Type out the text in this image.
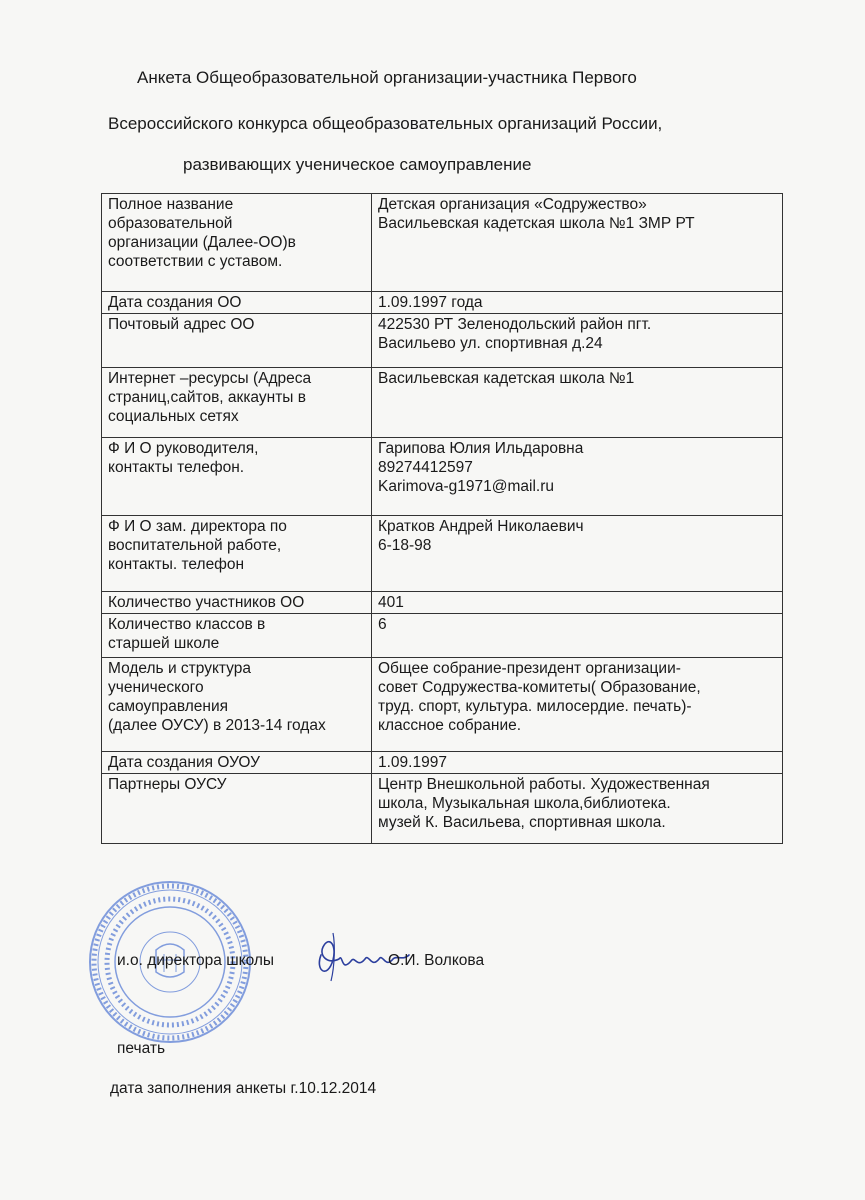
Анкета Общеобразовательной организации-участника Первого
Всероссийского конкурса общеобразовательных организаций России,
развивающих ученическое самоуправление
Полное название
образовательной
организации (Далее-ОО)в
соответствии с уставом.	Детская организация «Содружество»
Васильевская кадетская школа №1 ЗМР РТ

Дата создания ОО	1.09.1997 года

Почтовый адрес ОО	422530 РТ Зеленодольский район пгт.
Васильево ул. спортивная д.24

Интернет –ресурсы (Адреса
страниц,сайтов, аккаунты в
социальных сетях	Васильевская кадетская школа №1

Ф И О руководителя,
контакты телефон.	Гарипова Юлия Ильдаровна
89274412597
Karimova-g1971@mail.ru

Ф И О зам. директора по
воспитательной работе,
контакты. телефон	Кратков Андрей Николаевич
6-18-98

Количество участников ОО	401

Количество классов в
старшей школе	6

Модель и структура
ученического
самоуправления
(далее ОУСУ) в 2013-14 годах	Общее собрание-президент организации-
совет Содружества-комитеты( Образование,
труд. спорт, культура. милосердие. печать)-
классное собрание.

Дата создания ОУОУ	1.09.1997

Партнеры ОУСУ	Центр Внешкольной работы. Художественная
школа, Музыкальная школа,библиотека.
музей К. Васильева, спортивная школа.
и.о. директора школы	О.И. Волкова
печать
дата заполнения анкеты г.10.12.2014
